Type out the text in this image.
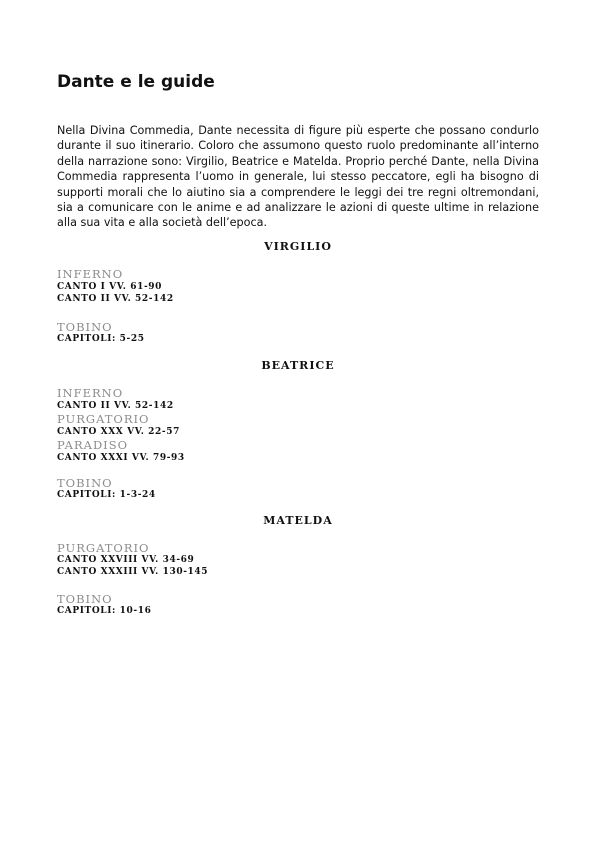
Dante e le guide

Nella Divina Commedia, Dante necessita di figure più esperte che possano condurlo durante il suo itinerario. Coloro che assumono questo ruolo predominante all’interno della narrazione sono: Virgilio, Beatrice e Matelda. Proprio perché Dante, nella Divina Commedia rappresenta l’uomo in generale, lui stesso peccatore, egli ha bisogno di supporti morali che lo aiutino sia a comprendere le leggi dei tre regni oltremondani, sia a comunicare con le anime e ad analizzare le azioni di queste ultime in relazione alla sua vita e alla società dell’epoca.

VIRGILIO

INFERNO

CANTO I VV. 61-90

CANTO II VV. 52-142

TOBINO

CAPITOLI: 5-25

BEATRICE

INFERNO

CANTO II VV. 52-142

PURGATORIO

CANTO XXX VV. 22-57

PARADISO

CANTO XXXI VV. 79-93

TOBINO

CAPITOLI: 1-3-24

MATELDA

PURGATORIO

CANTO XXVIII VV. 34-69

CANTO XXXIII VV. 130-145

TOBINO

CAPITOLI: 10-16
